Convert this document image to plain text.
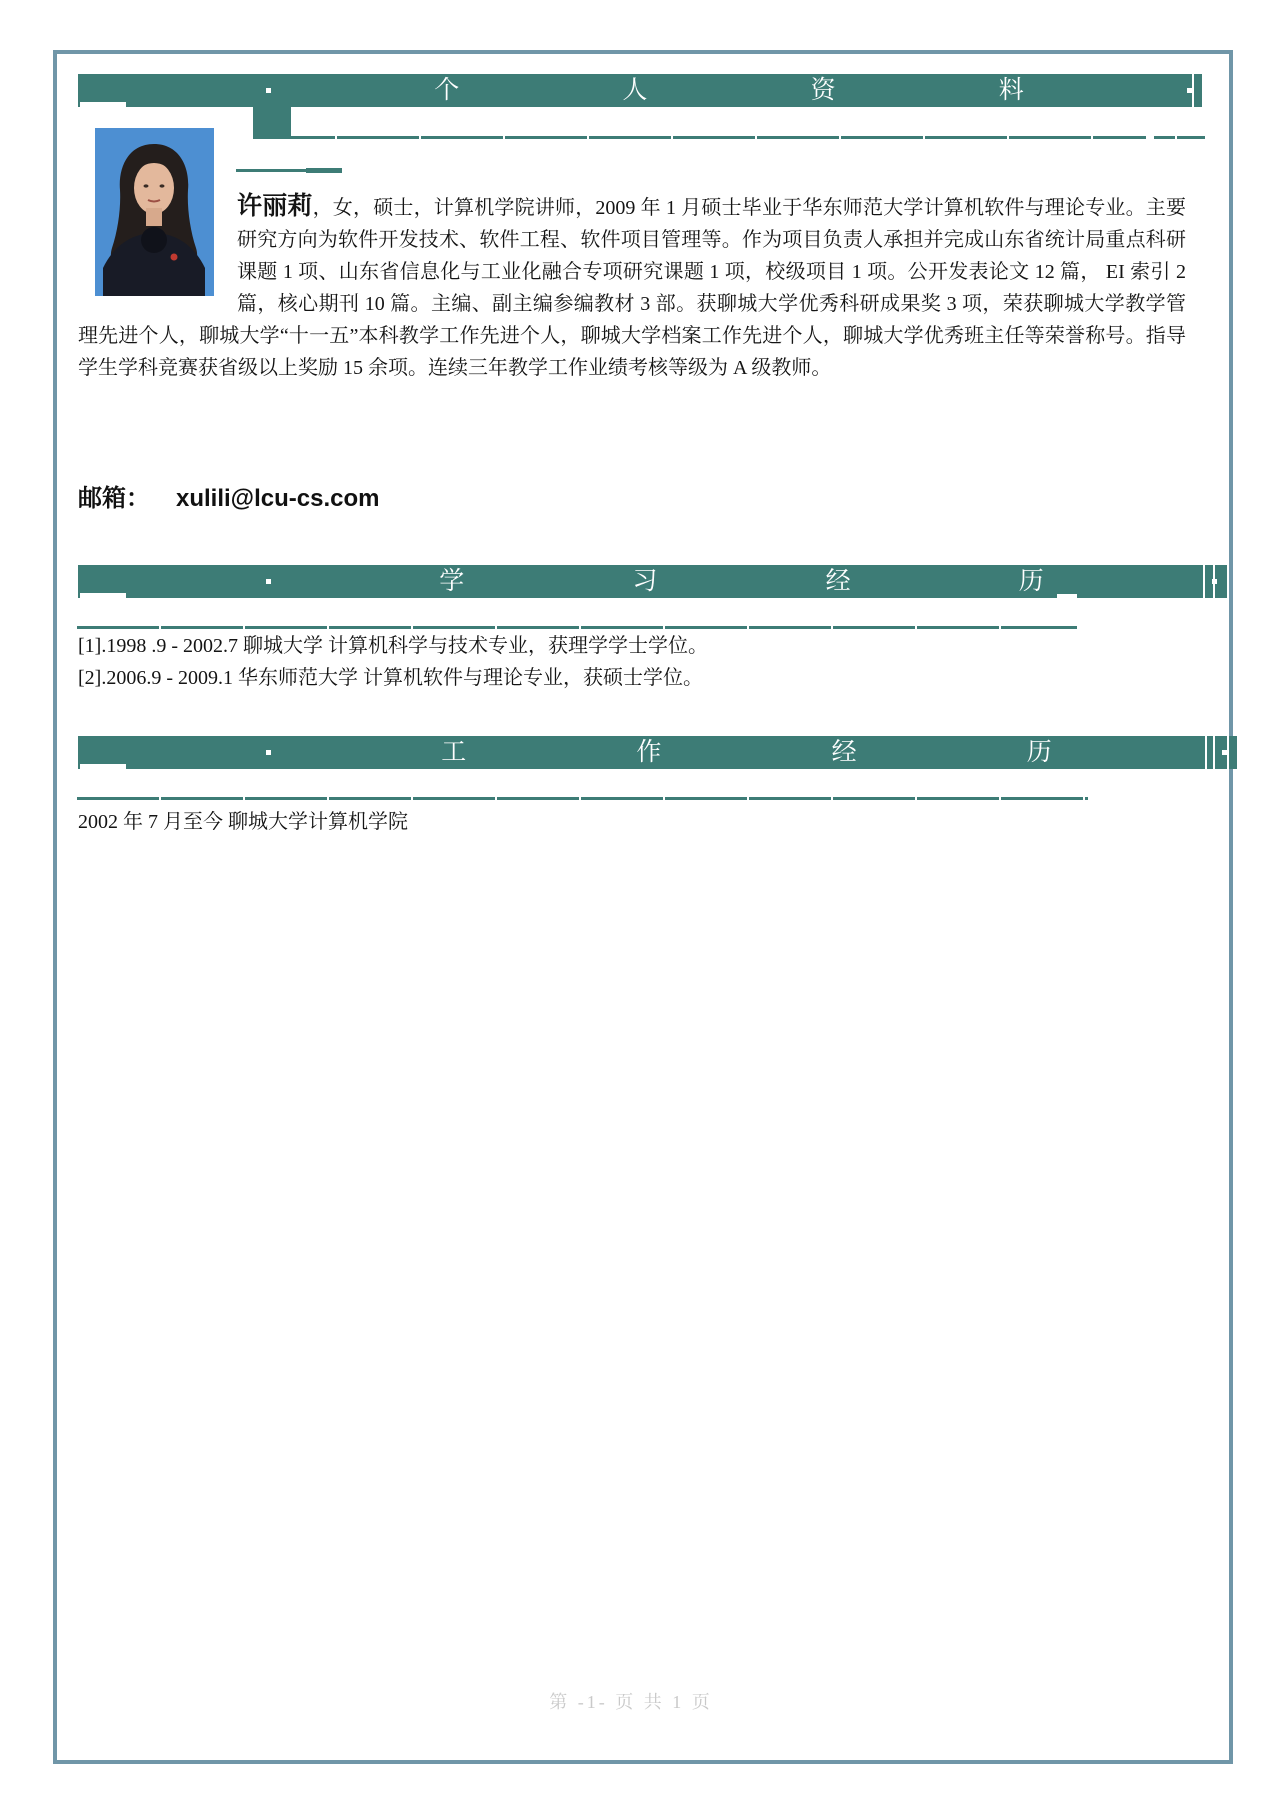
个	人	资	料
许丽莉，女，硕士，计算机学院讲师，2009 年 1 月硕士毕业于华东师范大学计算机软件与理论专业。主要研究方向为软件开发技术、软件工程、软件项目管理等。作为项目负责人承担并完成山东省统计局重点科研课题 1 项、山东省信息化与工业化融合专项研究课题 1 项，校级项目 1 项。公开发表论文 12 篇， EI 索引 2 篇，核心期刊 10 篇。主编、副主编参编教材 3 部。获聊城大学优秀科研成果奖 3 项，荣获聊城大学教学管理先进个人，聊城大学“十一五”本科教学工作先进个人，聊城大学档案工作先进个人，聊城大学优秀班主任等荣誉称号。指导学生学科竞赛获省级以上奖励 15 余项。连续三年教学工作业绩考核等级为 A 级教师。
邮箱： xulili@lcu-cs.com
学	习	经	历
[1].1998 .9 - 2002.7 聊城大学 计算机科学与技术专业，获理学学士学位。
[2].2006.9 - 2009.1 华东师范大学 计算机软件与理论专业，获硕士学位。
工	作	经	历
2002 年 7 月至今 聊城大学计算机学院
第 -1- 页 共 1 页
